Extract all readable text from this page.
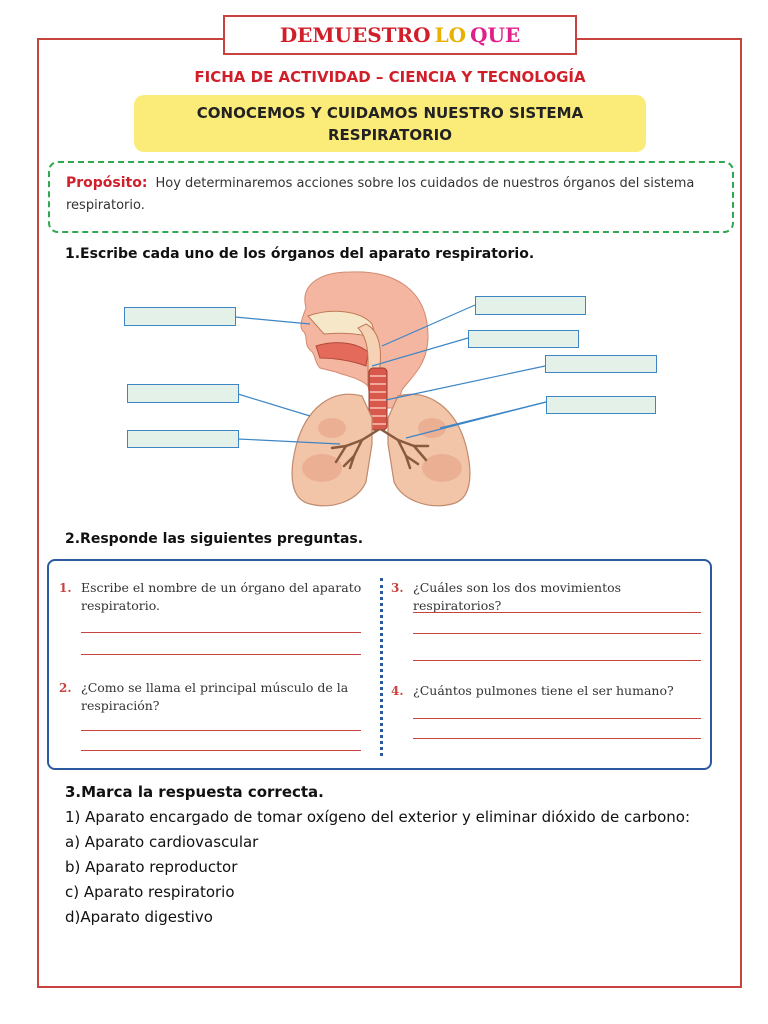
DEMUESTRO LO QUE
FICHA DE ACTIVIDAD – CIENCIA Y TECNOLOGÍA
CONOCEMOS Y CUIDAMOS NUESTRO SISTEMA
RESPIRATORIO
Propósito: Hoy determinaremos acciones sobre los cuidados de nuestros órganos del sistema respiratorio.
1.Escribe cada uno de los órganos del aparato respiratorio.
2.Responde las siguientes preguntas.
1. Escribe el nombre de un órgano del aparato respiratorio.
2. ¿Como se llama el principal músculo de la respiración?
3. ¿Cuáles son los dos movimientos respiratorios?
4. ¿Cuántos pulmones tiene el ser humano?
3.Marca la respuesta correcta.
1) Aparato encargado de tomar oxígeno del exterior y eliminar dióxido de carbono:
a) Aparato cardiovascular
b) Aparato reproductor
c) Aparato respiratorio
d)Aparato digestivo
